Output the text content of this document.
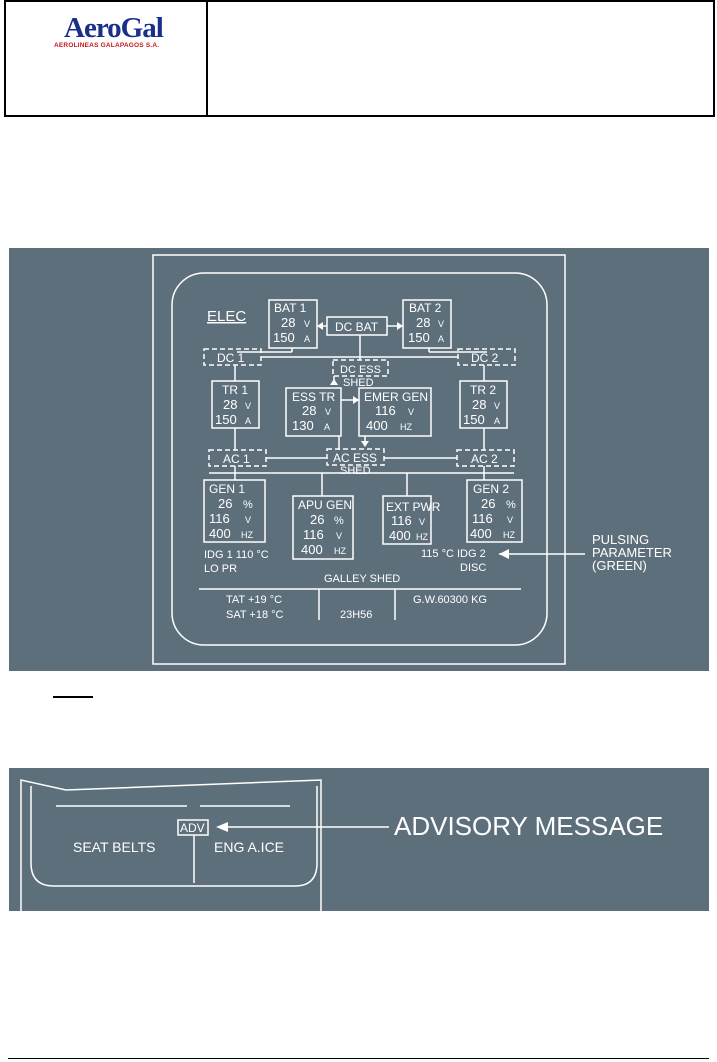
AeroGal
AEROLINEAS GALAPAGOS S.A.
ELEC BAT 1
28 V
150 A
BAT 2
28 V
150 A
DC BAT
DC 1	DC 2
DC ESS
SHED
TR 1
28 V
150 A
TR 2
28 V
150 A
ESS TR
28 V
130 A
EMER GEN
116 V
400 HZ
AC 1	AC 2
AC ESS
SHED
GEN 1
26 %
116 V
400 HZ
APU GEN
26 %
116 V
400 HZ
EXT PWR
116 V
400 HZ
GEN 2
26 %
116 V
400 HZ
IDG 1 110 °C
LO PR
115 °C IDG 2
DISC
GALLEY SHED
TAT +19 °C
SAT +18 °C	23H56
G.W.60300 KG
PULSING
PARAMETER
(GREEN)
SEAT BELTS
ADV
ENG A.ICE
ADVISORY MESSAGE
